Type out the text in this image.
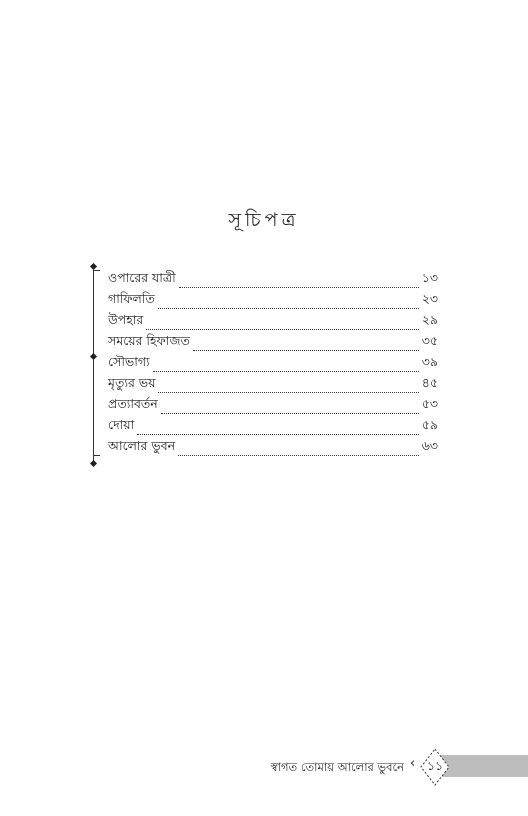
সূচিপত্র
ওপারের যাত্রী	১৩
গাফিলতি	২৩
উপহার	২৯
সময়ের হিফাজত	৩৫
সৌভাগ্য	৩৯
মৃত্যুর ভয়	৪৫
প্রত্যাবর্তন	৫৩
দোয়া	৫৯
আলোর ভুবন	৬৩
স্বাগত তোমায় আলোর ভুবনে ‹ ১১
